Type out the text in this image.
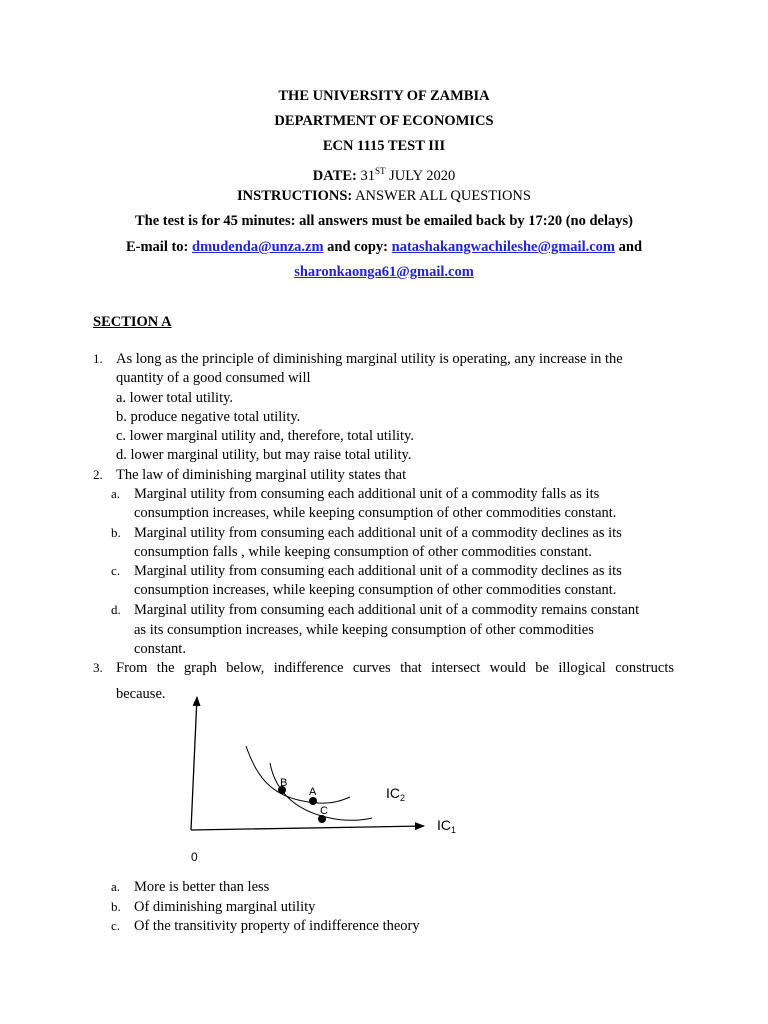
THE UNIVERSITY OF ZAMBIA
DEPARTMENT OF ECONOMICS
ECN 1115 TEST III
DATE: 31ST JULY 2020
INSTRUCTIONS: ANSWER ALL QUESTIONS
The test is for 45 minutes: all answers must be emailed back by 17:20 (no delays)
E-mail to: dmudenda@unza.zm and copy: natashakangwachileshe@gmail.com and
sharonkaonga61@gmail.com
SECTION A
1. As long as the principle of diminishing marginal utility is operating, any increase in the
quantity of a good consumed will
a. lower total utility.
b. produce negative total utility.
c. lower marginal utility and, therefore, total utility.
d. lower marginal utility, but may raise total utility.
2. The law of diminishing marginal utility states that
a. Marginal utility from consuming each additional unit of a commodity falls as its
consumption increases, while keeping consumption of other commodities constant.
b. Marginal utility from consuming each additional unit of a commodity declines as its
consumption falls , while keeping consumption of other commodities constant.
c. Marginal utility from consuming each additional unit of a commodity declines as its
consumption increases, while keeping consumption of other commodities constant.
d. Marginal utility from consuming each additional unit of a commodity remains constant
as its consumption increases, while keeping consumption of other commodities
constant.
3. From the graph below, indifference curves that intersect would be illogical constructs
because.
B
A
C
$IC_2$
$IC_1$
0
a. More is better than less
b. Of diminishing marginal utility
c. Of the transitivity property of indifference theory
